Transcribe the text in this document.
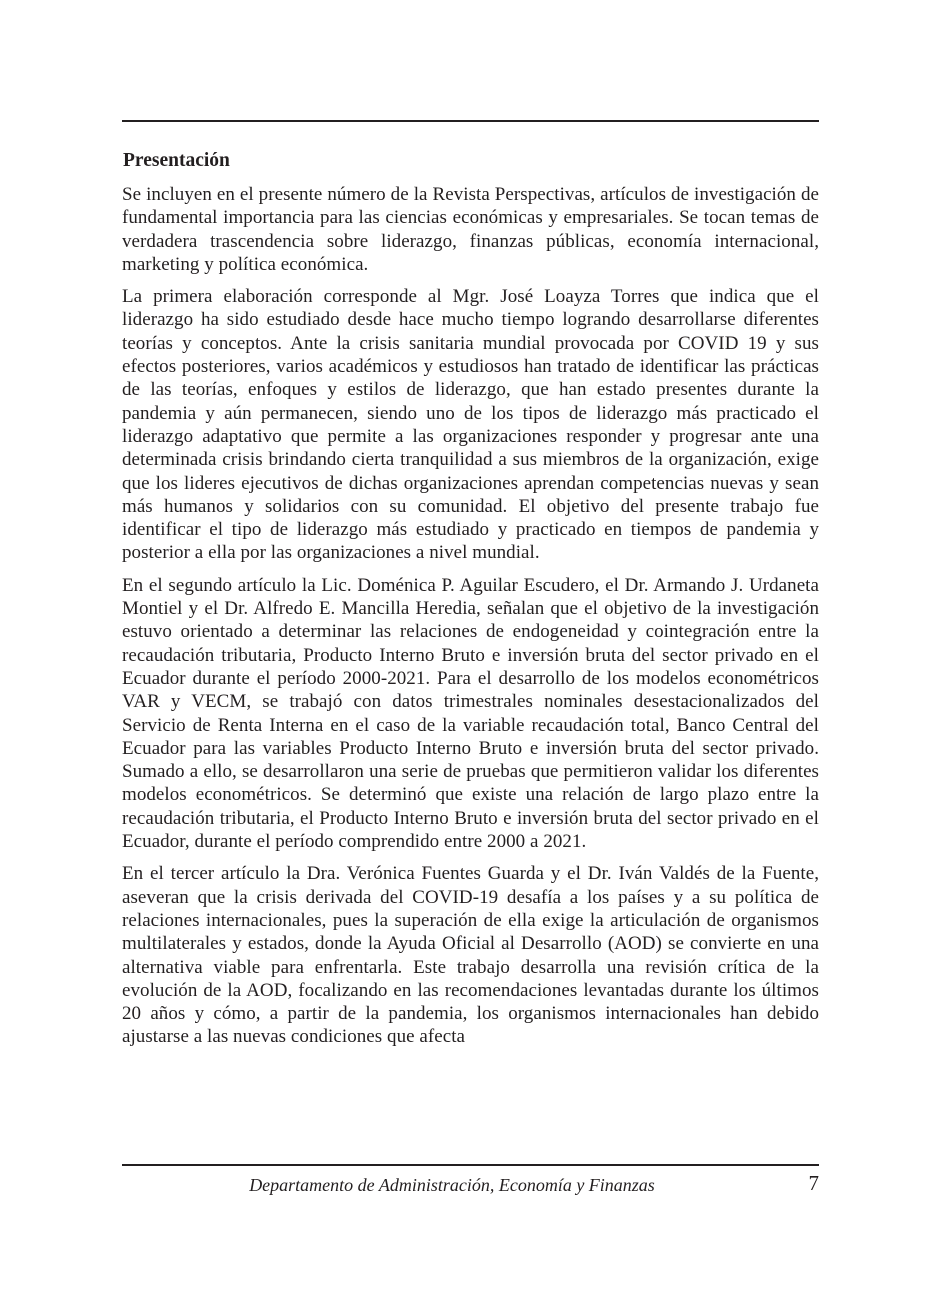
Presentación

Se incluyen en el presente número de la Revista Perspectivas, artículos de investigación de fundamental importancia para las ciencias económicas y empresariales. Se tocan temas de verdadera trascendencia sobre liderazgo, finanzas públicas, economía internacional, marketing y política económica.

La primera elaboración corresponde al Mgr. José Loayza Torres que indica que el liderazgo ha sido estudiado desde hace mucho tiempo logrando desarrollarse diferentes teorías y conceptos. Ante la crisis sanitaria mundial provocada por COVID 19 y sus efectos posteriores, varios académicos y estudiosos han tratado de identificar las prácticas de las teorías, enfoques y estilos de liderazgo, que han estado presentes durante la pandemia y aún permanecen, siendo uno de los tipos de liderazgo más practicado el liderazgo adaptativo que permite a las organizaciones responder y progresar ante una determinada crisis brindando cierta tranquilidad a sus miembros de la organización, exige que los lideres ejecutivos de dichas organizaciones aprendan competencias nuevas y sean más humanos y solidarios con su comunidad. El objetivo del presente trabajo fue identificar el tipo de liderazgo más estudiado y practicado en tiempos de pandemia y posterior a ella por las organizaciones a nivel mundial.

En el segundo artículo la Lic. Doménica P. Aguilar Escudero, el Dr. Armando J. Urdaneta Montiel y el Dr. Alfredo E. Mancilla Heredia, señalan que el objetivo de la investigación estuvo orientado a determinar las relaciones de endogeneidad y cointegración entre la recaudación tributaria, Producto Interno Bruto e inversión bruta del sector privado en el Ecuador durante el período 2000-2021. Para el desarrollo de los modelos econométricos VAR y VECM, se trabajó con datos trimestrales nominales desestacionalizados del Servicio de Renta Interna en el caso de la variable recaudación total, Banco Central del Ecuador para las variables Producto Interno Bruto e inversión bruta del sector privado. Sumado a ello, se desarrollaron una serie de pruebas que permitieron validar los diferentes modelos econométricos. Se determinó que existe una relación de largo plazo entre la recaudación tributaria, el Producto Interno Bruto e inversión bruta del sector privado en el Ecuador, durante el período comprendido entre 2000 a 2021.

En el tercer artículo la Dra. Verónica Fuentes Guarda y el Dr. Iván Valdés de la Fuente, aseveran que la crisis derivada del COVID-19 desafía a los países y a su política de relaciones internacionales, pues la superación de ella exige la articulación de organismos multilaterales y estados, donde la Ayuda Oficial al Desarrollo (AOD) se convierte en una alternativa viable para enfrentarla. Este trabajo desarrolla una revisión crítica de la evolución de la AOD, focalizando en las recomendaciones levantadas durante los últimos 20 años y cómo, a partir de la pandemia, los organismos internacionales han debido ajustarse a las nuevas condiciones que afecta

Departamento de Administración, Economía y Finanzas	7
